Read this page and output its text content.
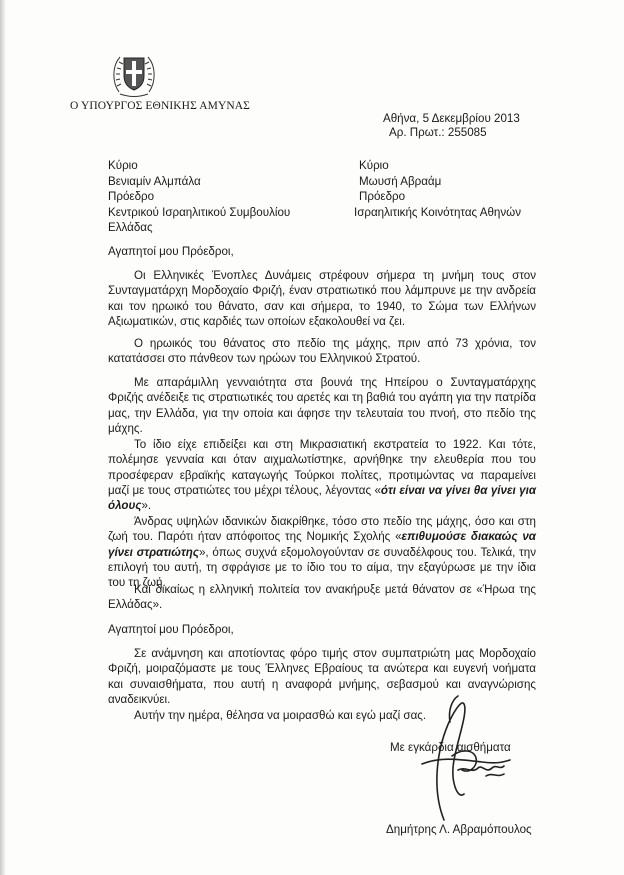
Ο ΥΠΟΥΡΓΟΣ ΕΘΝΙΚΗΣ ΑΜΥΝΑΣ
Αθήνα, 5 Δεκεμβρίου 2013
Αρ. Πρωτ.: 255085
Κύριο
Βενιαμίν Αλμπάλα
Πρόεδρο
Κεντρικού Ισραηλιτικού Συμβουλίου
Ελλάδας
Κύριο
Μωυσή Αβραάμ
Πρόεδρο
Ισραηλιτικής Κοινότητας Αθηνών
Αγαπητοί μου Πρόεδροι,

Οι Ελληνικές Ένοπλες Δυνάμεις στρέφουν σήμερα τη μνήμη τους στον Συνταγματάρχη Μορδοχαίο Φριζή, έναν στρατιωτικό που λάμπρυνε με την ανδρεία και τον ηρωικό του θάνατο, σαν και σήμερα, το 1940, το Σώμα των Ελλήνων Αξιωματικών, στις καρδιές των οποίων εξακολουθεί να ζει.

Ο ηρωικός του θάνατος στο πεδίο της μάχης, πριν από 73 χρόνια, τον κατατάσσει στο πάνθεον των ηρώων του Ελληνικού Στρατού.

Με απαράμιλλη γενναιότητα στα βουνά της Ηπείρου ο Συνταγματάρχης Φριζής ανέδειξε τις στρατιωτικές του αρετές και τη βαθιά του αγάπη για την πατρίδα μας, την Ελλάδα, για την οποία και άφησε την τελευταία του πνοή, στο πεδίο της μάχης.

Το ίδιο είχε επιδείξει και στη Μικρασιατική εκστρατεία το 1922. Και τότε, πολέμησε γενναία και όταν αιχμαλωτίστηκε, αρνήθηκε την ελευθερία που του προσέφεραν εβραϊκής καταγωγής Τούρκοι πολίτες, προτιμώντας να παραμείνει μαζί με τους στρατιώτες του μέχρι τέλους, λέγοντας «ότι είναι να γίνει θα γίνει για όλους».

Άνδρας υψηλών ιδανικών διακρίθηκε, τόσο στο πεδίο της μάχης, όσο και στη ζωή του. Παρότι ήταν απόφοιτος της Νομικής Σχολής «επιθυμούσε διακαώς να γίνει στρατιώτης», όπως συχνά εξομολογούνταν σε συναδέλφους του. Τελικά, την επιλογή του αυτή, τη σφράγισε με το ίδιο του το αίμα, την εξαγύρωσε με την ίδια του τη ζωή.

Και δικαίως η ελληνική πολιτεία τον ανακήρυξε μετά θάνατον σε «Ήρωα της Ελλάδας».

Αγαπητοί μου Πρόεδροι,

Σε ανάμνηση και αποτίοντας φόρο τιμής στον συμπατριώτη μας Μορδοχαίο Φριζή, μοιραζόμαστε με τους Έλληνες Εβραίους τα ανώτερα και ευγενή νοήματα και συναισθήματα, που αυτή η αναφορά μνήμης, σεβασμού και αναγνώρισης αναδεικνύει.

Αυτήν την ημέρα, θέλησα να μοιρασθώ και εγώ μαζί σας.

Με εγκάρδια αισθήματα
Δημήτρης Λ. Αβραμόπουλος
